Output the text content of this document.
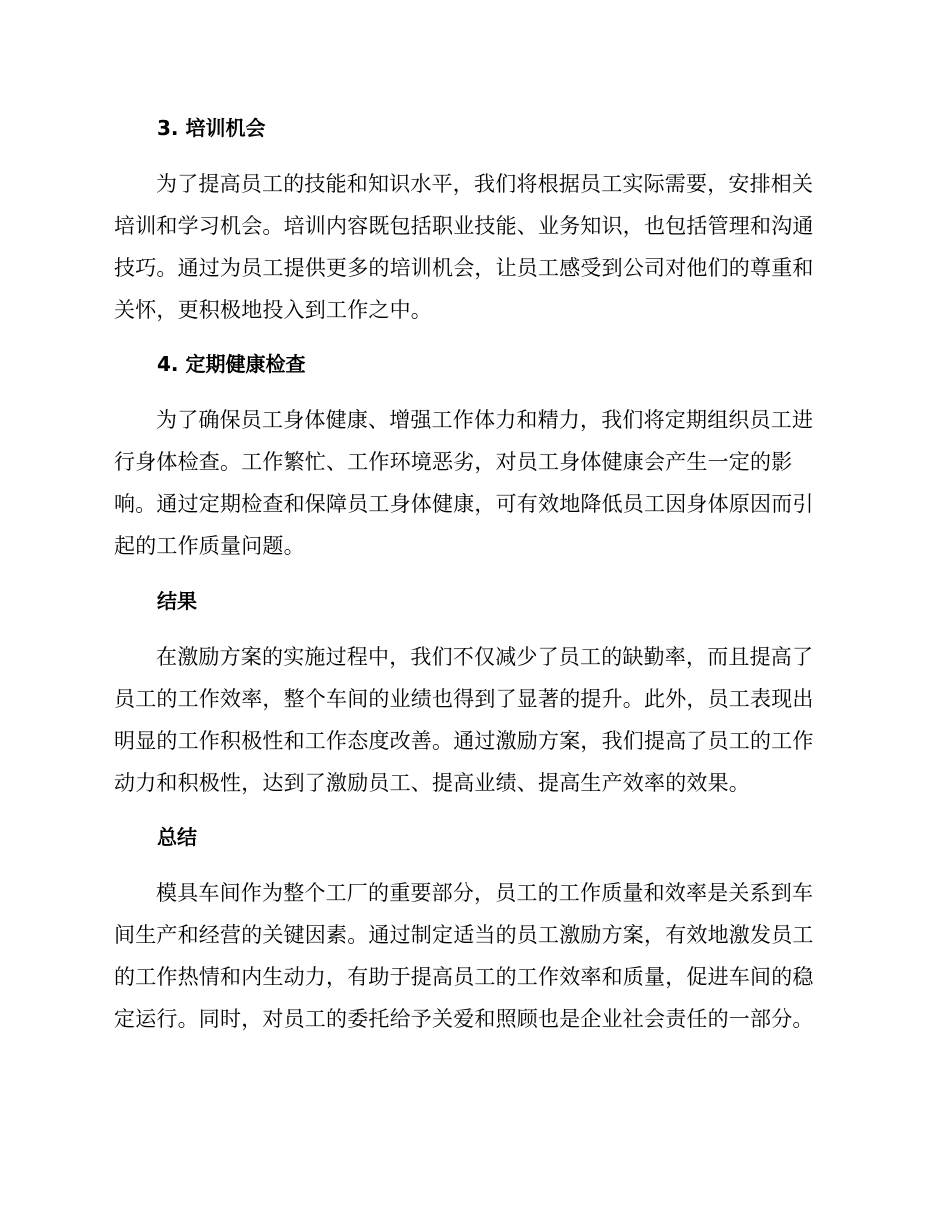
3. 培训机会
为了提高员工的技能和知识水平，我们将根据员工实际需要，安排相关
培训和学习机会。培训内容既包括职业技能、业务知识，也包括管理和沟通
技巧。通过为员工提供更多的培训机会，让员工感受到公司对他们的尊重和
关怀，更积极地投入到工作之中。
4. 定期健康检查
为了确保员工身体健康、增强工作体力和精力，我们将定期组织员工进
行身体检查。工作繁忙、工作环境恶劣，对员工身体健康会产生一定的影
响。通过定期检查和保障员工身体健康，可有效地降低员工因身体原因而引
起的工作质量问题。
结果
在激励方案的实施过程中，我们不仅减少了员工的缺勤率，而且提高了
员工的工作效率，整个车间的业绩也得到了显著的提升。此外，员工表现出
明显的工作积极性和工作态度改善。通过激励方案，我们提高了员工的工作
动力和积极性，达到了激励员工、提高业绩、提高生产效率的效果。
总结
模具车间作为整个工厂的重要部分，员工的工作质量和效率是关系到车
间生产和经营的关键因素。通过制定适当的员工激励方案，有效地激发员工
的工作热情和内生动力，有助于提高员工的工作效率和质量，促进车间的稳
定运行。同时，对员工的委托给予关爱和照顾也是企业社会责任的一部分。
